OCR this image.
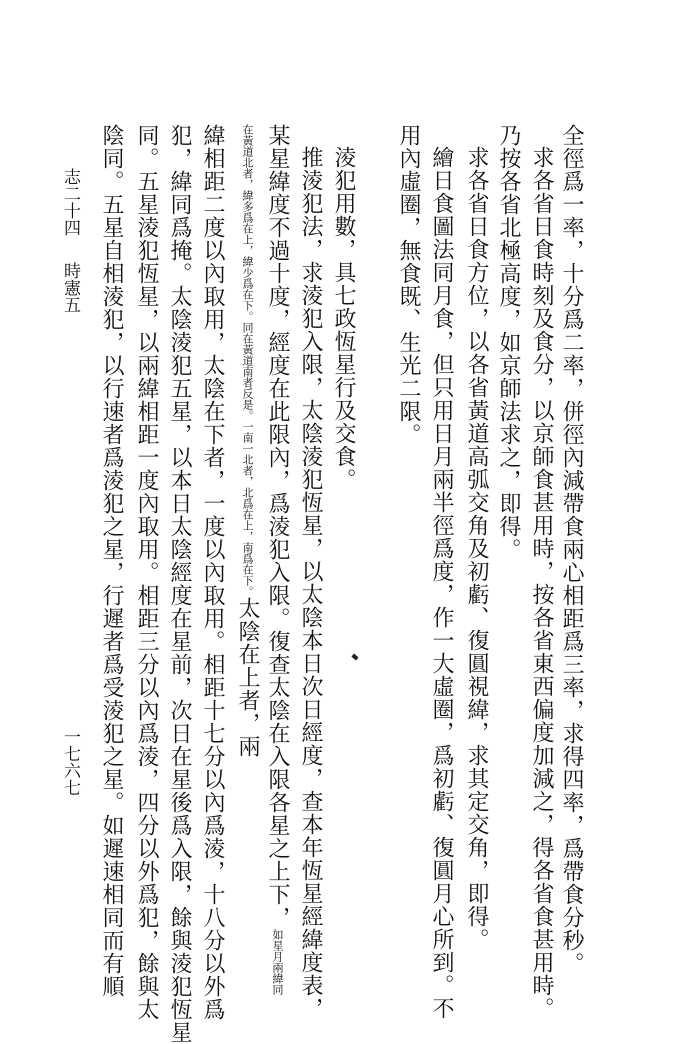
全徑爲一率，十分爲二率，併徑內減帶食兩心相距爲三率，求得四率，爲帶食分秒。
求各省日食時刻及食分，以京師食甚用時，按各省東西偏度加減之，得各省食甚用時。
乃按各省北極高度，如京師法求之，即得。
求各省日食方位，以各省黃道高弧交角及初虧、復圓視緯，求其定交角，即得。
繪日食圖法同月食，但只用日月兩半徑爲度，作一大虛圈，爲初虧、復圓月心所到。不
用內虛圈，無食既、生光二限。
淩犯用數，具七政恆星行及交食。
推淩犯法，求淩犯入限，太陰淩犯恆星，以太陰本日次日經度，查本年恆星經緯度表，
某星緯度不過十度，經度在此限內，爲淩犯入限。復查太陰在入限各星之上下，如星月兩緯同
在黃道北者，緯多爲在上，緯少爲在下。同在黃道南者反是。一南一北者，北爲在上，南爲在下。太陰在上者，兩
緯相距二度以內取用，太陰在下者，一度以內取用。相距十七分以內爲淩，十八分以外爲
犯，緯同爲掩。太陰淩犯五星，以本日太陰經度在星前，次日在星後爲入限，餘與淩犯恆星
同。五星淩犯恆星，以兩緯相距一度內取用。相距三分以內爲淩，四分以外爲犯，餘與太
陰同。五星自相淩犯，以行速者爲淩犯之星，行遲者爲受淩犯之星。如遲速相同而有順
志二十四
時憲五
一七六七
